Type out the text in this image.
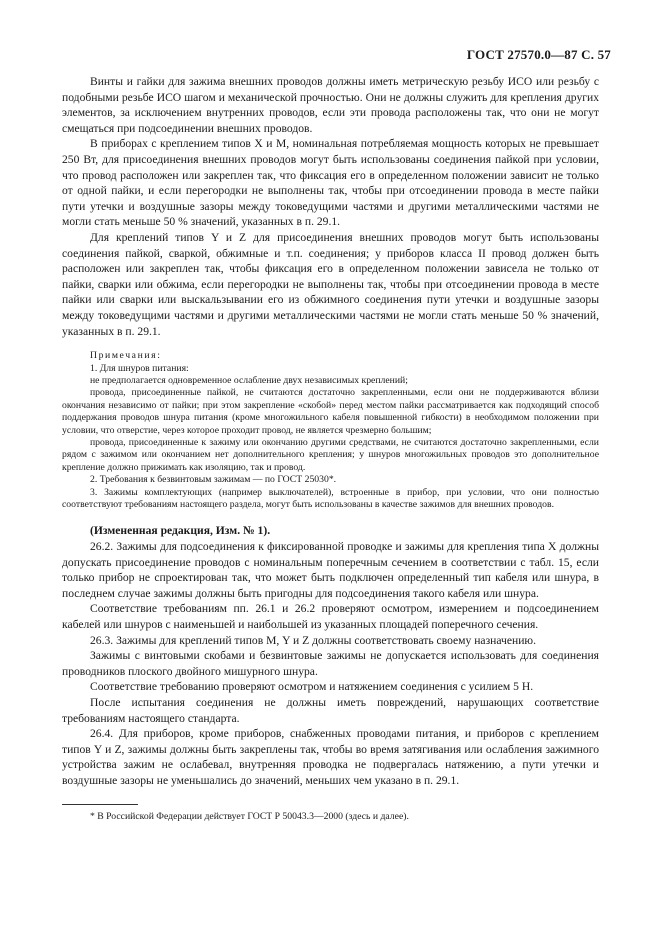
ГОСТ 27570.0—87 С. 57

Винты и гайки для зажима внешних проводов должны иметь метрическую резьбу ИСО или резьбу с подобными резьбе ИСО шагом и механической прочностью. Они не должны служить для крепления других элементов, за исключением внутренних проводов, если эти провода расположены так, что они не могут смещаться при подсоединении внешних проводов.

В приборах с креплением типов X и М, номинальная потребляемая мощность которых не превышает 250 Вт, для присоединения внешних проводов могут быть использованы соединения пайкой при условии, что провод расположен или закреплен так, что фиксация его в определенном положении зависит не только от одной пайки, и если перегородки не выполнены так, чтобы при отсоединении провода в месте пайки пути утечки и воздушные зазоры между токоведущими частями и другими металлическими частями не могли стать меньше 50 % значений, указанных в п. 29.1.

Для креплений типов Y и Z для присоединения внешних проводов могут быть использованы соединения пайкой, сваркой, обжимные и т.п. соединения; у приборов класса II провод должен быть расположен или закреплен так, чтобы фиксация его в определенном положении зависела не только от пайки, сварки или обжима, если перегородки не выполнены так, чтобы при отсоединении провода в месте пайки или сварки или выскальзывании его из обжимного соединения пути утечки и воздушные зазоры между токоведущими частями и другими металлическими частями не могли стать меньше 50 % значений, указанных в п. 29.1.

Примечания:

1. Для шнуров питания:

не предполагается одновременное ослабление двух независимых креплений;

провода, присоединенные пайкой, не считаются достаточно закрепленными, если они не поддерживаются вблизи окончания независимо от пайки; при этом закрепление «скобой» перед местом пайки рассматривается как подходящий способ поддержания проводов шнура питания (кроме многожильного кабеля повышенной гибкости) в необходимом положении при условии, что отверстие, через которое проходит провод, не является чрезмерно большим;

провода, присоединенные к зажиму или окончанию другими средствами, не считаются достаточно закрепленными, если рядом с зажимом или окончанием нет дополнительного крепления; у шнуров многожильных проводов это дополнительное крепление должно прижимать как изоляцию, так и провод.

2. Требования к безвинтовым зажимам — по ГОСТ 25030*.

3. Зажимы комплектующих (например выключателей), встроенные в прибор, при условии, что они полностью соответствуют требованиям настоящего раздела, могут быть использованы в качестве зажимов для внешних проводов.

(Измененная редакция, Изм. № 1).

26.2. Зажимы для подсоединения к фиксированной проводке и зажимы для крепления типа X должны допускать присоединение проводов с номинальным поперечным сечением в соответствии с табл. 15, если только прибор не спроектирован так, что может быть подключен определенный тип кабеля или шнура, в последнем случае зажимы должны быть пригодны для подсоединения такого кабеля или шнура.

Соответствие требованиям пп. 26.1 и 26.2 проверяют осмотром, измерением и подсоединением кабелей или шнуров с наименьшей и наибольшей из указанных площадей поперечного сечения.

26.3. Зажимы для креплений типов М, Y и Z должны соответствовать своему назначению.

Зажимы с винтовыми скобами и безвинтовые зажимы не допускается использовать для соединения проводников плоского двойного мишурного шнура.

Соответствие требованию проверяют осмотром и натяжением соединения с усилием 5 Н.

После испытания соединения не должны иметь повреждений, нарушающих соответствие требованиям настоящего стандарта.

26.4. Для приборов, кроме приборов, снабженных проводами питания, и приборов с креплением типов Y и Z, зажимы должны быть закреплены так, чтобы во время затягивания или ослабления зажимного устройства зажим не ослабевал, внутренняя проводка не подвергалась натяжению, а пути утечки и воздушные зазоры не уменьшались до значений, меньших чем указано в п. 29.1.

* В Российской Федерации действует ГОСТ Р 50043.3—2000 (здесь и далее).
